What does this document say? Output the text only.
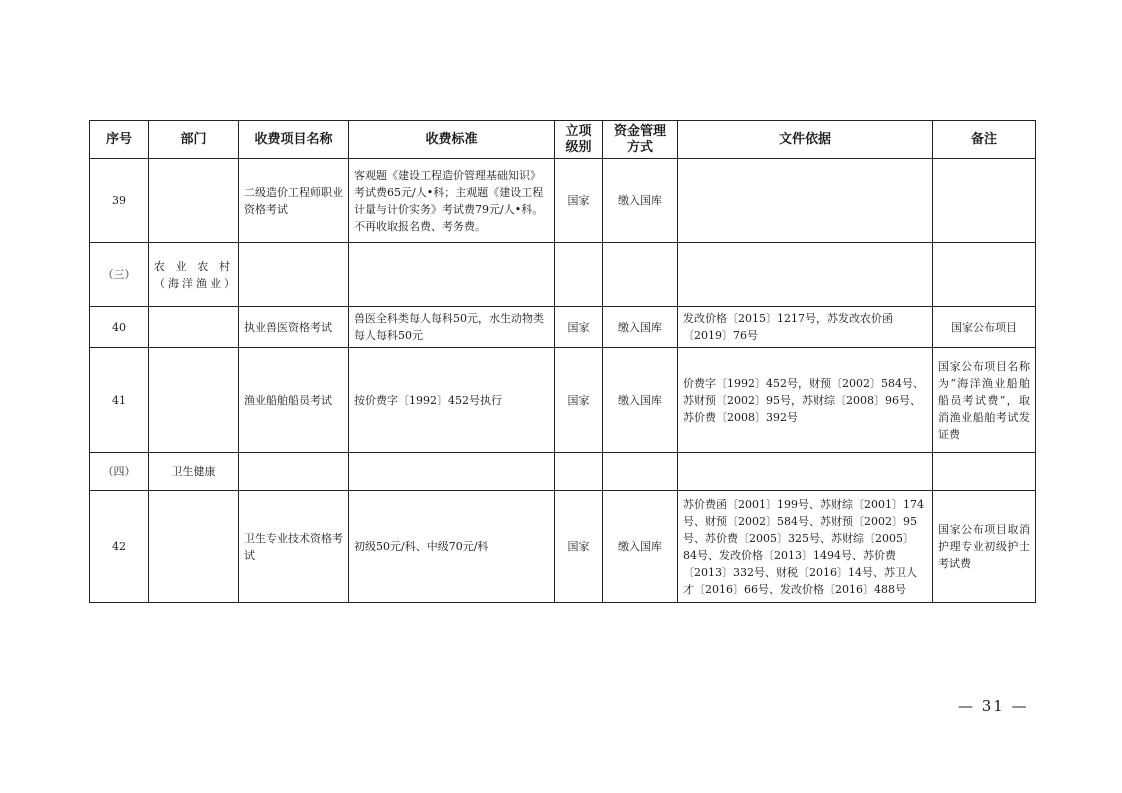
序号	部门	收费项目名称	收费标准	立项级别	资金管理方式	文件依据	备注
39		二级造价工程师职业资格考试	客观题《建设工程造价管理基础知识》考试费65元/人•科；主观题《建设工程计量与计价实务》考试费79元/人•科。不再收取报名费、考务费。	国家	缴入国库		
（三）	农业农村（海洋渔业）						
40		执业兽医资格考试	兽医全科类每人每科50元，水生动物类每人每科50元	国家	缴入国库	发改价格〔2015〕1217号，苏发改农价函〔2019〕76号	国家公布项目
41		渔业船舶船员考试	按价费字〔1992〕452号执行	国家	缴入国库	价费字〔1992〕452号，财预〔2002〕584号、苏财预〔2002〕95号，苏财综〔2008〕96号、苏价费〔2008〕392号	国家公布项目名称为“海洋渔业船舶船员考试费”，取消渔业船舶考试发证费
（四）	卫生健康						
42		卫生专业技术资格考试	初级50元/科、中级70元/科	国家	缴入国库	苏价费函〔2001〕199号、苏财综〔2001〕174号、财预〔2002〕584号、苏财预〔2002〕95号、苏价费〔2005〕325号、苏财综〔2005〕84号、发改价格〔2013〕1494号、苏价费〔2013〕332号、财税〔2016〕14号、苏卫人才〔2016〕66号、发改价格〔2016〕488号	国家公布项目取消护理专业初级护士考试费
— 31 —
